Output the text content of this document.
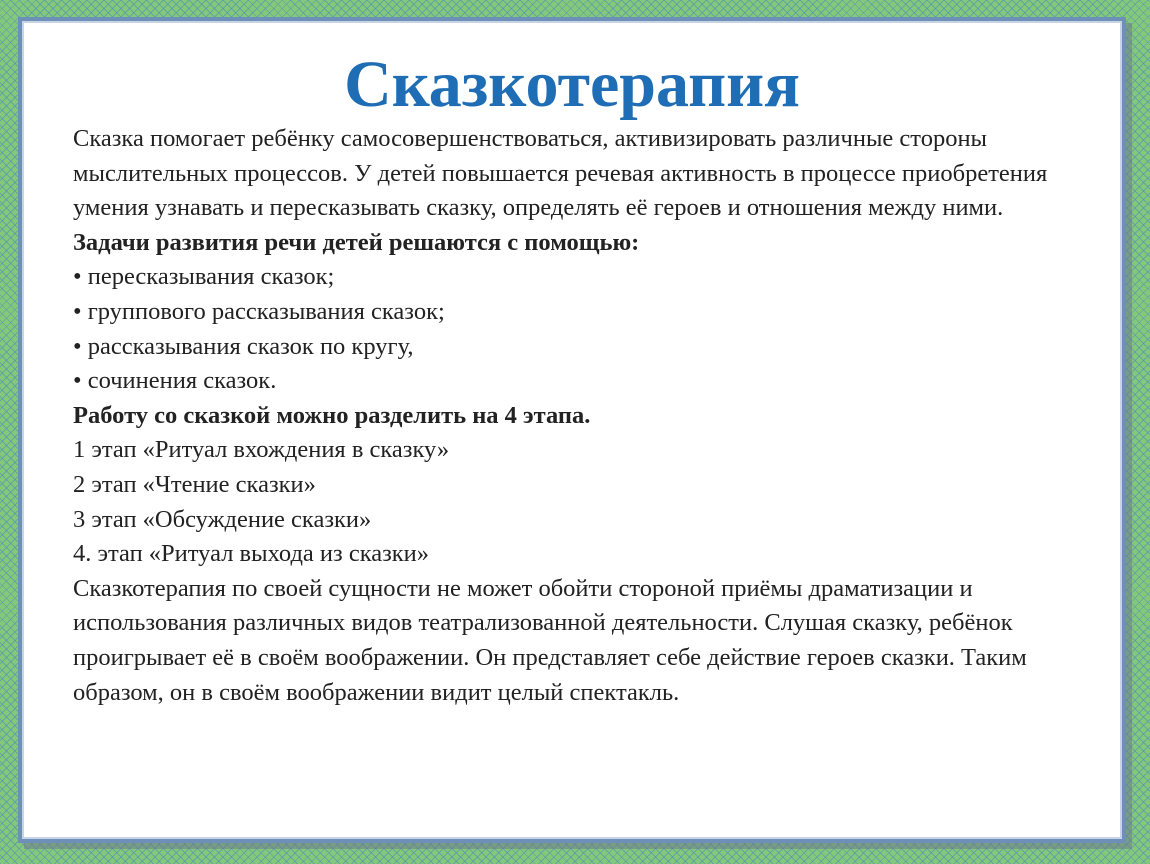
Сказкотерапия

Сказка помогает ребёнку самосовершенствоваться, активизировать различные стороны мыслительных процессов. У детей повышается речевая активность в процессе приобретения умения узнавать и пересказывать сказку, определять её героев и отношения между ними.

Задачи развития речи детей решаются с помощью:

• пересказывания сказок;

• группового рассказывания сказок;

• рассказывания сказок по кругу,

• сочинения сказок.

Работу со сказкой можно разделить на 4 этапа.

1 этап «Ритуал вхождения в сказку»

2 этап «Чтение сказки»

3 этап «Обсуждение сказки»

4. этап «Ритуал выхода из сказки»

Сказкотерапия по своей сущности не может обойти стороной приёмы драматизации и использования различных видов театрализованной деятельности. Слушая сказку, ребёнок проигрывает её в своём воображении. Он представляет себе действие героев сказки. Таким образом, он в своём воображении видит целый спектакль.
